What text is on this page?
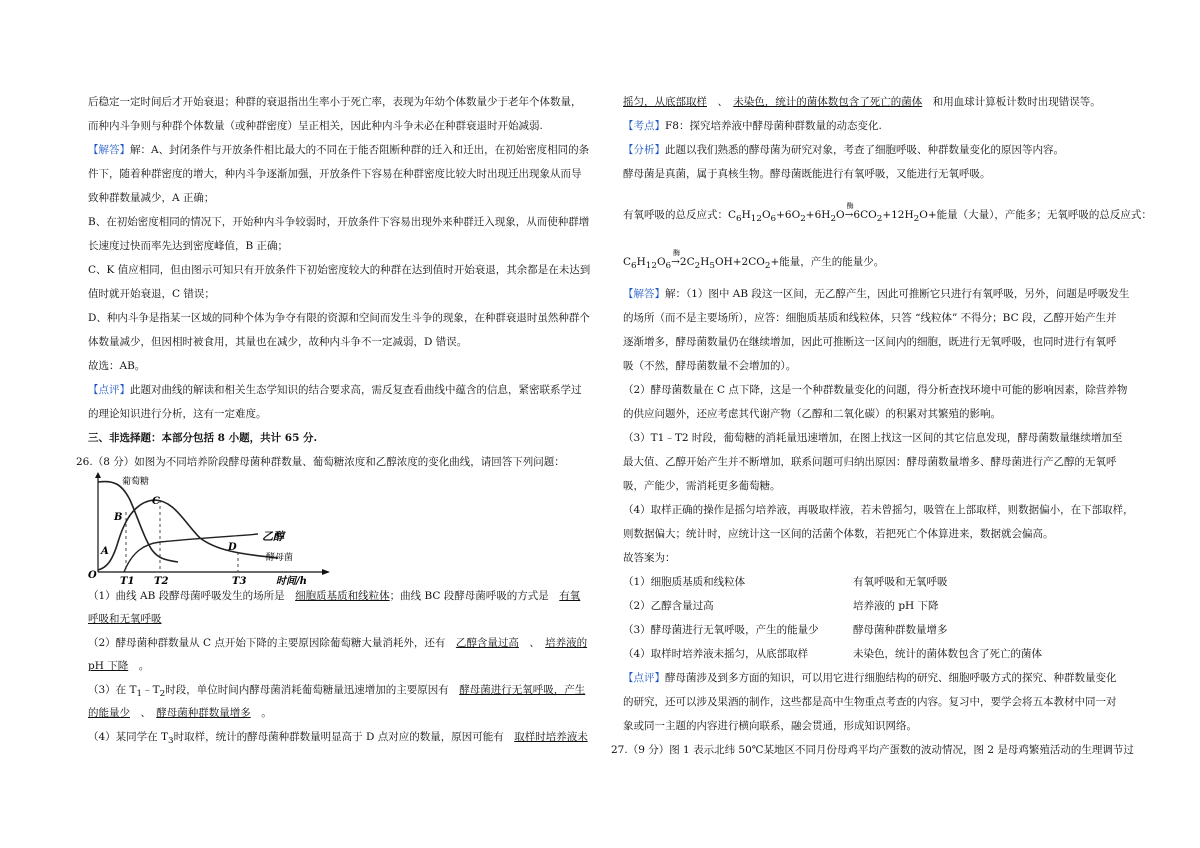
后稳定一定时间后才开始衰退；种群的衰退指出生率小于死亡率，表现为年幼个体数量少于老年个体数量，
而种内斗争则与种群个体数量（或种群密度）呈正相关，因此种内斗争未必在种群衰退时开始减弱.
【解答】解：A、封闭条件与开放条件相比最大的不同在于能否阻断种群的迁入和迁出，在初始密度相同的条
件下，随着种群密度的增大，种内斗争逐渐加强，开放条件下容易在种群密度比较大时出现迁出现象从而导
致种群数量减少，A 正确；
B、在初始密度相同的情况下，开始种内斗争较弱时，开放条件下容易出现外来种群迁入现象，从而使种群增
长速度过快而率先达到密度峰值，B 正确；
C、K 值应相同，但由图示可知只有开放条件下初始密度较大的种群在达到值时开始衰退，其余都是在未达到
值时就开始衰退，C 错误；
D、种内斗争是指某一区域的同种个体为争夺有限的资源和空间而发生斗争的现象，在种群衰退时虽然种群个
体数量减少，但因相时被食用，其量也在减少，故种内斗争不一定减弱，D 错误。
故选：AB。
【点评】此题对曲线的解读和相关生态学知识的结合要求高，需反复查看曲线中蕴含的信息，紧密联系学过
的理论知识进行分析，这有一定难度。
三、非选择题：本部分包括 8 小题，共计 65 分.
26.（8 分）如图为不同培养阶段酵母菌种群数量、葡萄糖浓度和乙醇浓度的变化曲线，请回答下列问题：
葡萄糖
乙醇
酵母菌
A
B
C
D
O
T1 T2	T3	时间/h
（1）曲线 AB 段酵母菌呼吸发生的场所是　 细胞质基质和线粒体；曲线 BC 段酵母菌呼吸的方式是　 有氧
呼吸和无氧呼吸
（2）酵母菌种群数量从 C 点开始下降的主要原因除葡萄糖大量消耗外，还有　 乙醇含量过高　 、　 培养液的
pH 下降　 。
（3）在 $T_1﹣T_2$时段，单位时间内酵母菌消耗葡萄糖量迅速增加的主要原因有　 酵母菌进行无氧呼吸，产生
的能量少　 、　 酵母菌种群数量增多　 。
（4）某同学在 $T_3$时取样，统计的酵母菌种群数量明显高于 D 点对应的数量，原因可能有　 取样时培养液未
摇匀，从底部取样　 、　 未染色，统计的菌体数包含了死亡的菌体　 和用血球计算板计数时出现错误等。
【考点】F8：探究培养液中酵母菌种群数量的动态变化.
【分析】此题以我们熟悉的酵母菌为研究对象，考查了细胞呼吸、种群数量变化的原因等内容。
酵母菌是真菌，属于真核生物。酵母菌既能进行有氧呼吸，又能进行无氧呼吸。
有氧呼吸的总反应式：$C_6H_{12}O_6+6O_2+6H_2O$
酶
$\to 6CO_2+12H_2O+$能量（大量），产能多；无氧呼吸的总反应式：
$C_6H_{12}O_6$
酶
$\to 2C_2H_5OH+2CO_2+$能量，产生的能量少。
【解答】解：（1）图中 AB 段这一区间，无乙醇产生，因此可推断它只进行有氧呼吸，另外，问题是呼吸发生
的场所（而不是主要场所），应答：细胞质基质和线粒体，只答 “线粒体” 不得分；BC 段，乙醇开始产生并
逐渐增多，酵母菌数量仍在继续增加，因此可推断这一区间内的细胞，既进行无氧呼吸，也同时进行有氧呼
吸（不然，酵母菌数量不会增加的）。
（2）酵母菌数量在 C 点下降，这是一个种群数量变化的问题，得分析查找环境中可能的影响因素，除营养物
的供应问题外，还应考虑其代谢产物（乙醇和二氧化碳）的积累对其繁殖的影响。
（3）T1﹣T2 时段，葡萄糖的消耗量迅速增加，在图上找这一区间的其它信息发现，酵母菌数量继续增加至
最大值、乙醇开始产生并不断增加，联系问题可归纳出原因：酵母菌数量增多、酵母菌进行产乙醇的无氧呼
吸，产能少，需消耗更多葡萄糖。
（4）取样正确的操作是摇匀培养液，再吸取样液，若未曾摇匀，吸管在上部取样，则数据偏小，在下部取样，
则数据偏大；统计时，应统计这一区间的活菌个体数，若把死亡个体算进来，数据就会偏高。
故答案为：
（1）细胞质基质和线粒体	有氧呼吸和无氧呼吸
（2）乙醇含量过高	培养液的 pH 下降
（3）酵母菌进行无氧呼吸，产生的能量少	酵母菌种群数量增多
（4）取样时培养液未摇匀，从底部取样	未染色，统计的菌体数包含了死亡的菌体
【点评】酵母菌涉及到多方面的知识，可以用它进行细胞结构的研究、细胞呼吸方式的探究、种群数量变化
的研究，还可以涉及果酒的制作，这些都是高中生物重点考查的内容。复习中，要学会将五本教材中同一对
象或同一主题的内容进行横向联系，融会贯通，形成知识网络。
27.（9 分）图 1 表示北纬 50℃某地区不同月份母鸡平均产蛋数的波动情况，图 2 是母鸡繁殖活动的生理调节过
